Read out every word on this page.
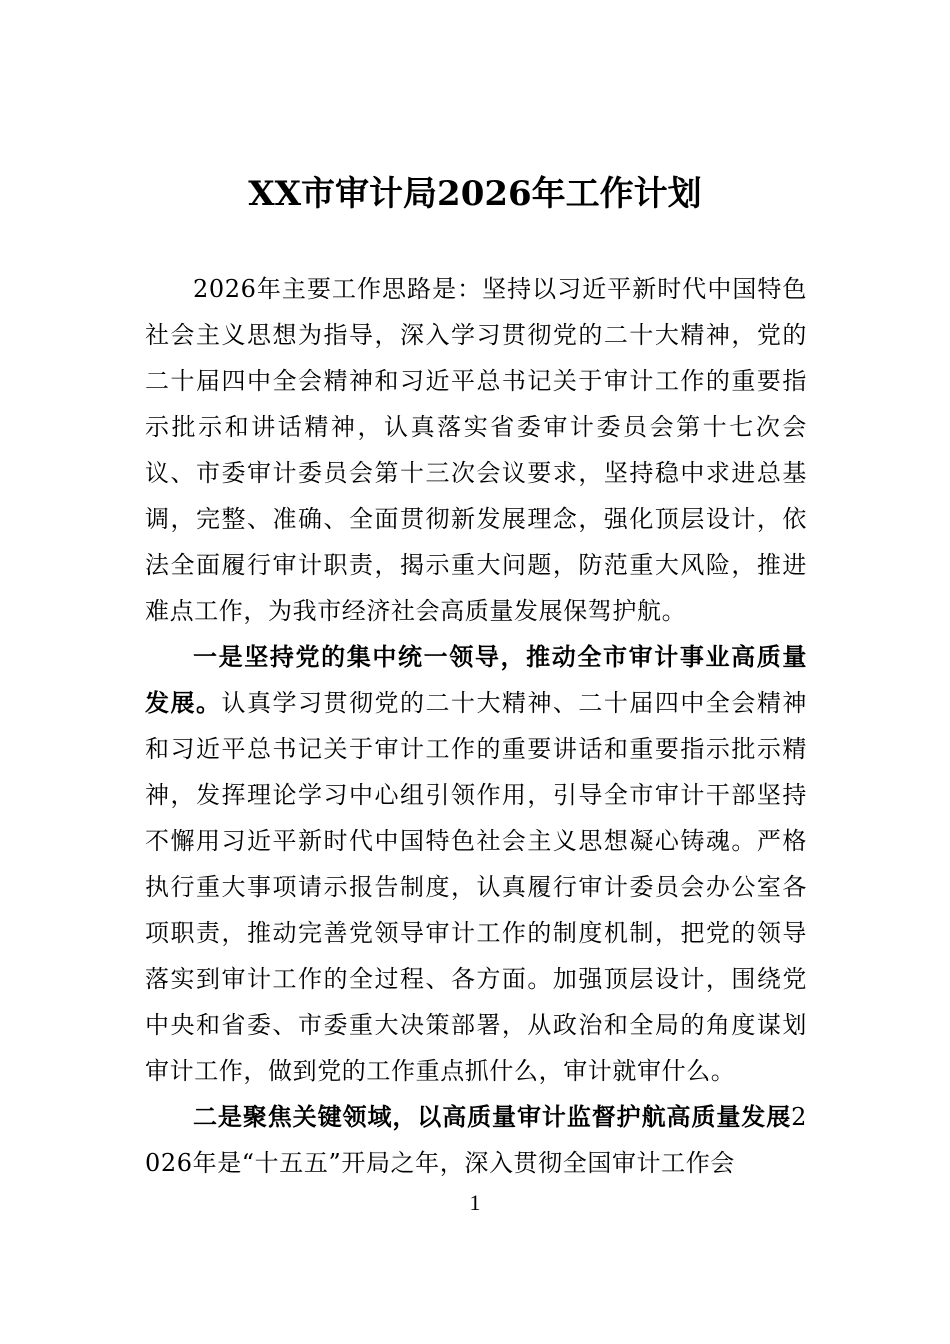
XX市审计局2026年工作计划

2026年主要工作思路是：坚持以习近平新时代中国特色社会主义思想为指导，深入学习贯彻党的二十大精神，党的二十届四中全会精神和习近平总书记关于审计工作的重要指示批示和讲话精神，认真落实省委审计委员会第十七次会议、市委审计委员会第十三次会议要求，坚持稳中求进总基调，完整、准确、全面贯彻新发展理念，强化顶层设计，依法全面履行审计职责，揭示重大问题，防范重大风险，推进难点工作，为我市经济社会高质量发展保驾护航。

一是坚持党的集中统一领导，推动全市审计事业高质量发展。认真学习贯彻党的二十大精神、二十届四中全会精神和习近平总书记关于审计工作的重要讲话和重要指示批示精神，发挥理论学习中心组引领作用，引导全市审计干部坚持不懈用习近平新时代中国特色社会主义思想凝心铸魂。严格执行重大事项请示报告制度，认真履行审计委员会办公室各项职责，推动完善党领导审计工作的制度机制，把党的领导落实到审计工作的全过程、各方面。加强顶层设计，围绕党中央和省委、市委重大决策部署，从政治和全局的角度谋划审计工作，做到党的工作重点抓什么，审计就审什么。

二是聚焦关键领域，以高质量审计监督护航高质量发展2026年是“十五五”开局之年，深入贯彻全国审计工作会

1
